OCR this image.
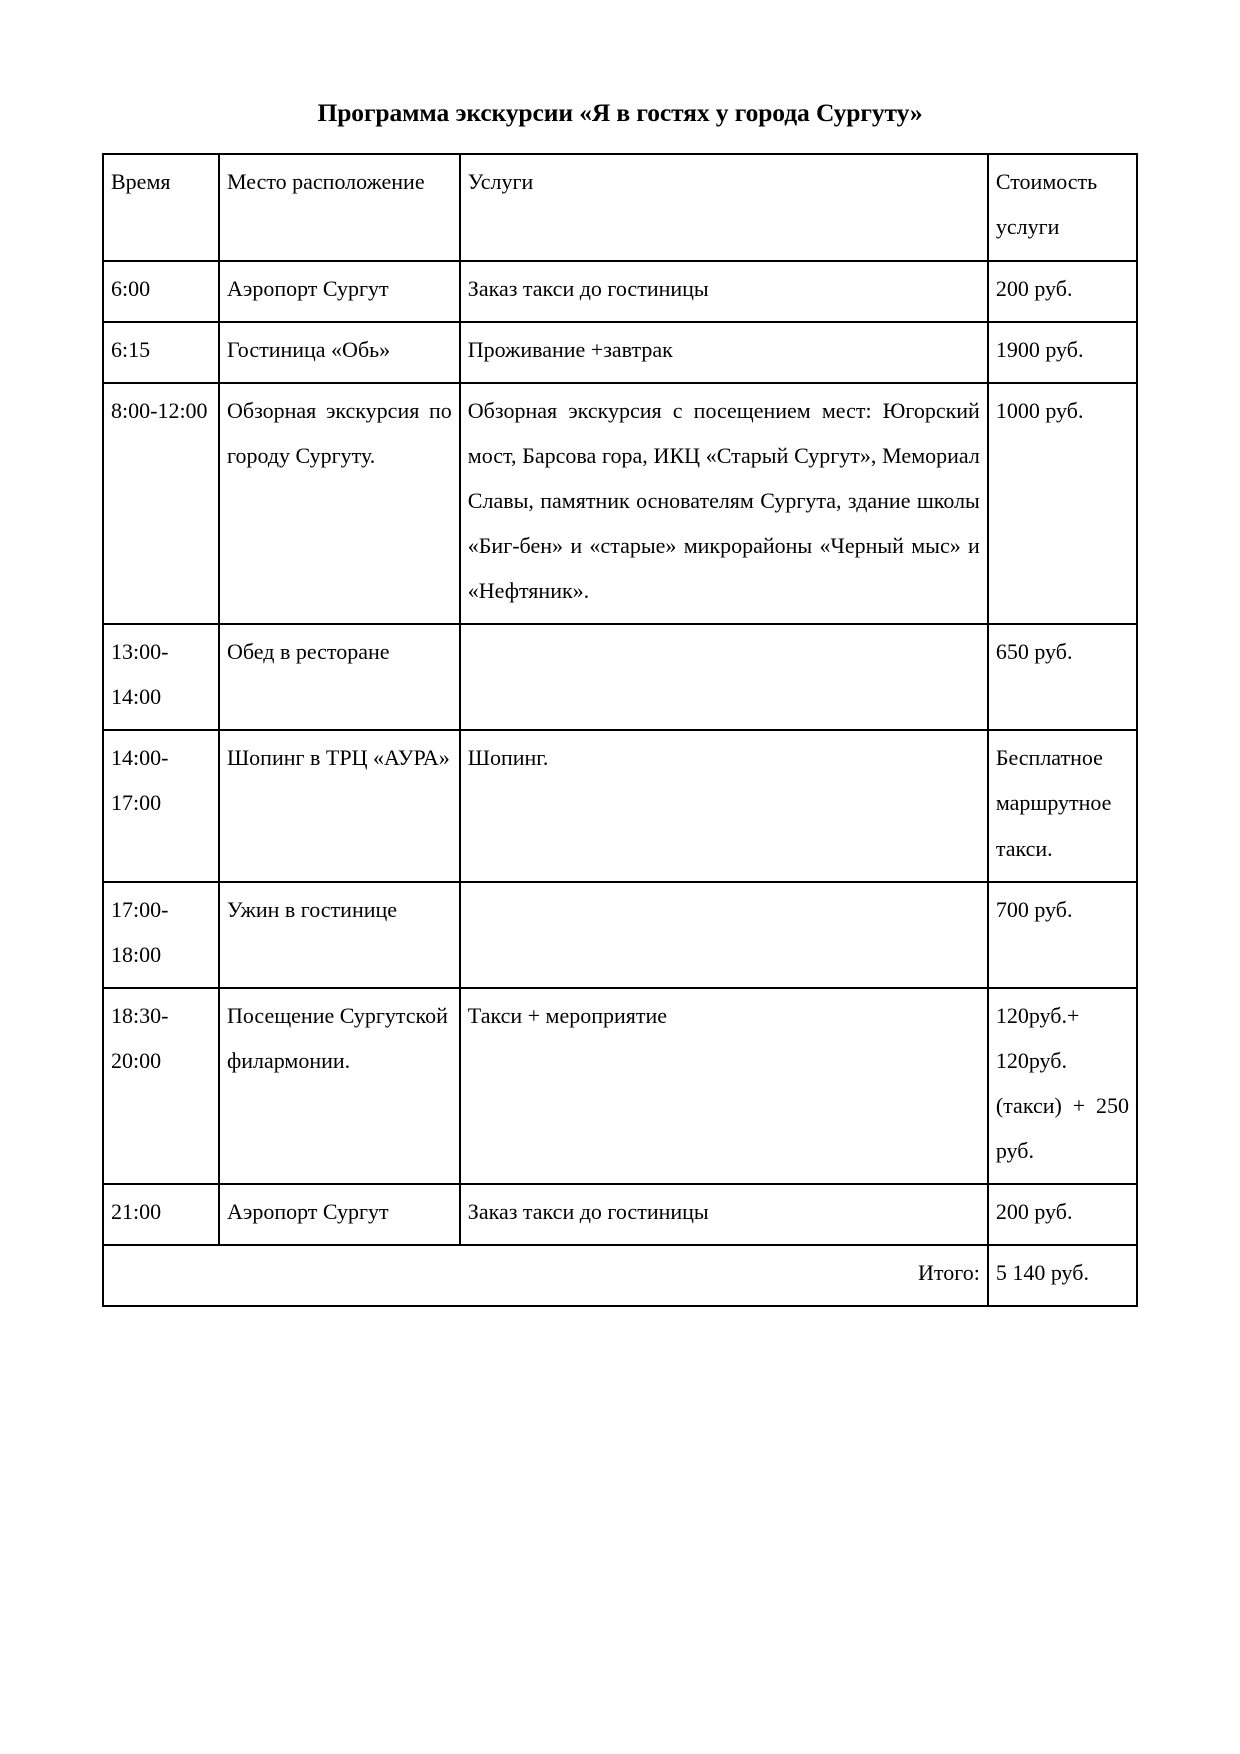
Программа экскурсии «Я в гостях у города Сургуту»
Время	Место расположение	Услуги	Стоимость услуги
6:00	Аэропорт Сургут	Заказ такси до гостиницы	200 руб.
6:15	Гостиница «Обь»	Проживание +завтрак	1900 руб.
8:00-12:00	Обзорная экскурсия по городу Сургуту.	Обзорная экскурсия с посещением мест: Югорский мост, Барсова гора, ИКЦ «Старый Сургут», Мемориал Славы, памятник основателям Сургута, здание школы «Биг-бен» и «старые» микрорайоны «Черный мыс» и «Нефтяник».	1000 руб.
13:00-14:00	Обед в ресторане		650 руб.
14:00-17:00	Шопинг в ТРЦ «АУРА»	Шопинг.	Бесплатное маршрутное такси.
17:00-18:00	Ужин в гостинице		700 руб.
18:30-20:00	Посещение Сургутской филармонии.	Такси + мероприятие	120руб.+ 120руб. (такси) + 250 руб.
21:00	Аэропорт Сургут	Заказ такси до гостиницы	200 руб.
Итого:			5 140 руб.
